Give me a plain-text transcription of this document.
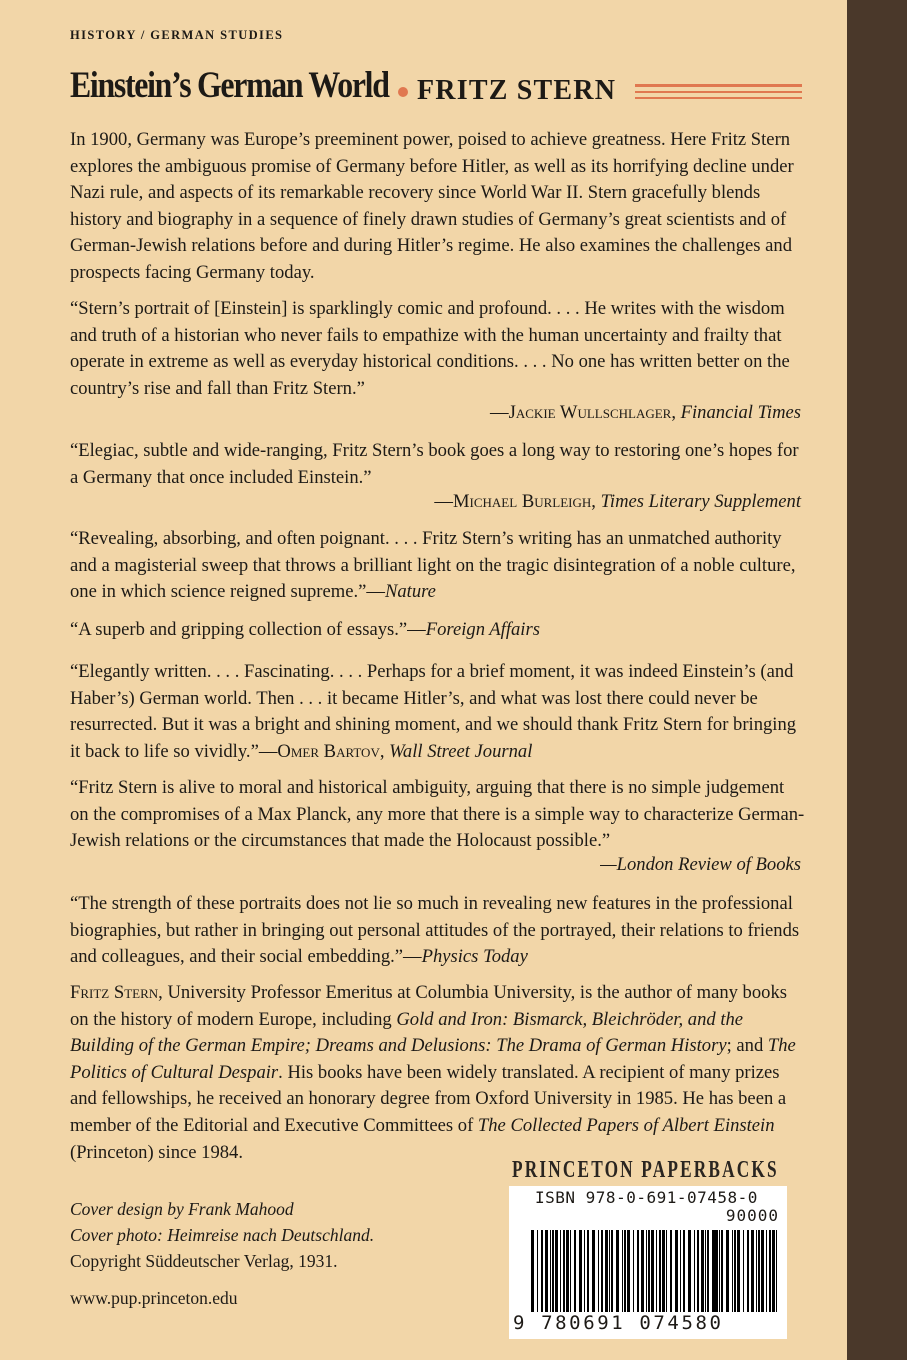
HISTORY / GERMAN STUDIES
Einstein’s German World FRITZ STERN

In 1900, Germany was Europe’s preeminent power, poised to achieve greatness. Here Fritz Stern explores the ambiguous promise of Germany before Hitler, as well as its horrifying decline under Nazi rule, and aspects of its remarkable recovery since World War II. Stern gracefully blends history and biography in a sequence of finely drawn studies of Germany’s great scientists and of German-Jewish relations before and during Hitler’s regime. He also examines the challenges and prospects facing Germany today.

“Stern’s portrait of [Einstein] is sparklingly comic and profound. . . . He writes with the wisdom and truth of a historian who never fails to empathize with the human uncertainty and frailty that operate in extreme as well as everyday historical conditions. . . . No one has written better on the country’s rise and fall than Fritz Stern.”

—Jackie Wullschlager, Financial Times

“Elegiac, subtle and wide-ranging, Fritz Stern’s book goes a long way to restoring one’s hopes for a Germany that once included Einstein.”

—Michael Burleigh, Times Literary Supplement

“Revealing, absorbing, and often poignant. . . . Fritz Stern’s writing has an unmatched authority and a magisterial sweep that throws a brilliant light on the tragic disintegration of a noble culture, one in which science reigned supreme.”—Nature

“A superb and gripping collection of essays.”—Foreign Affairs

“Elegantly written. . . . Fascinating. . . . Perhaps for a brief moment, it was indeed Einstein’s (and Haber’s) German world. Then . . . it became Hitler’s, and what was lost there could never be resurrected. But it was a bright and shining moment, and we should thank Fritz Stern for bringing it back to life so vividly.”—Omer Bartov, Wall Street Journal

“Fritz Stern is alive to moral and historical ambiguity, arguing that there is no simple judgement on the compromises of a Max Planck, any more that there is a simple way to characterize German-Jewish relations or the circumstances that made the Holocaust possible.”

—London Review of Books

“The strength of these portraits does not lie so much in revealing new features in the professional biographies, but rather in bringing out personal attitudes of the portrayed, their relations to friends and colleagues, and their social embedding.”—Physics Today

Fritz Stern, University Professor Emeritus at Columbia University, is the author of many books on the history of modern Europe, including Gold and Iron: Bismarck, Bleichröder, and the Building of the German Empire; Dreams and Delusions: The Drama of German History; and The Politics of Cultural Despair. His books have been widely translated. A recipient of many prizes and fellowships, he received an honorary degree from Oxford University in 1985. He has been a member of the Editorial and Executive Committees of The Collected Papers of Albert Einstein (Princeton) since 1984.

Cover design by Frank Mahood
Cover photo: Heimreise nach Deutschland.
Copyright Süddeutscher Verlag, 1931.
www.pup.princeton.edu
PRINCETON PAPERBACKS
ISBN 978-0-691-07458-0
90000
9 780691 074580
